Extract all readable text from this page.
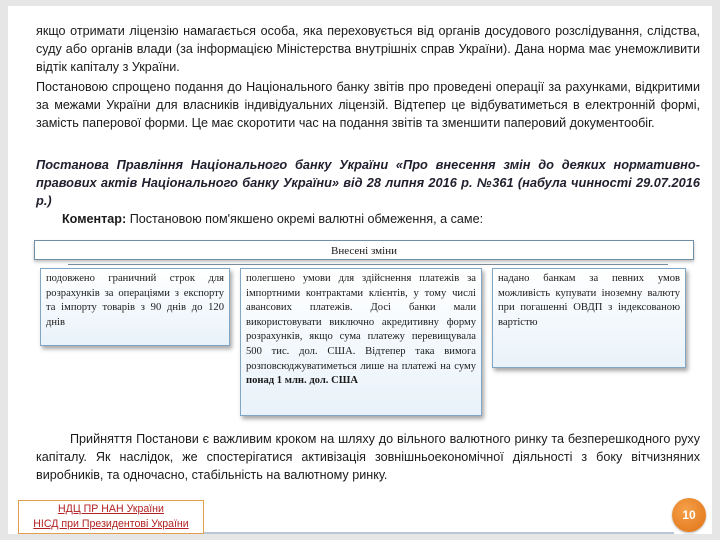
якщо отримати ліцензію намагається особа, яка переховується від органів досудового розслідування, слідства, суду або органів влади (за інформацією Міністерства внутрішніх справ України). Дана норма має унеможливити відтік капіталу з України.

Постановою спрощено подання до Національного банку звітів про проведені операції за рахунками, відкритими за межами України для власників індивідуальних ліцензій. Відтепер це відбуватиметься в електронній формі, замість паперової форми. Це має скоротити час на подання звітів та зменшити паперовий документообіг.

Постанова Правління Національного банку України «Про внесення змін до деяких нормативно-правових актів Національного банку України» від 28 липня 2016 р. №361 (набула чинності 29.07.2016 р.)

Коментар: Постановою пом'якшено окремі валютні обмеження, а саме:

Внесені зміни
подовжено граничний строк для розрахунків за операціями з експорту та імпорту товарів з 90 днів до 120 днів
полегшено умови для здійснення платежів за імпортними контрактами клієнтів, у тому числі авансових платежів. Досі банки мали використовувати виключно акредитивну форму розрахунків, якщо сума платежу перевищувала 500 тис. дол. США. Відтепер така вимога розповсюджуватиметься лише на платежі на суму понад 1 млн. дол. США
надано банкам за певних умов можливість купувати іноземну валюту при погашенні ОВДП з індексованою вартістю

Прийняття Постанови є важливим кроком на шляху до вільного валютного ринку та безперешкодного руху капіталу. Як наслідок, же спостерігатися активізація зовнішньоекономічної діяльності з боку вітчизняних виробників, та одночасно, стабільність на валютному ринку.

НДЦ ПР НАН України
НІСД при Президентові України
10
